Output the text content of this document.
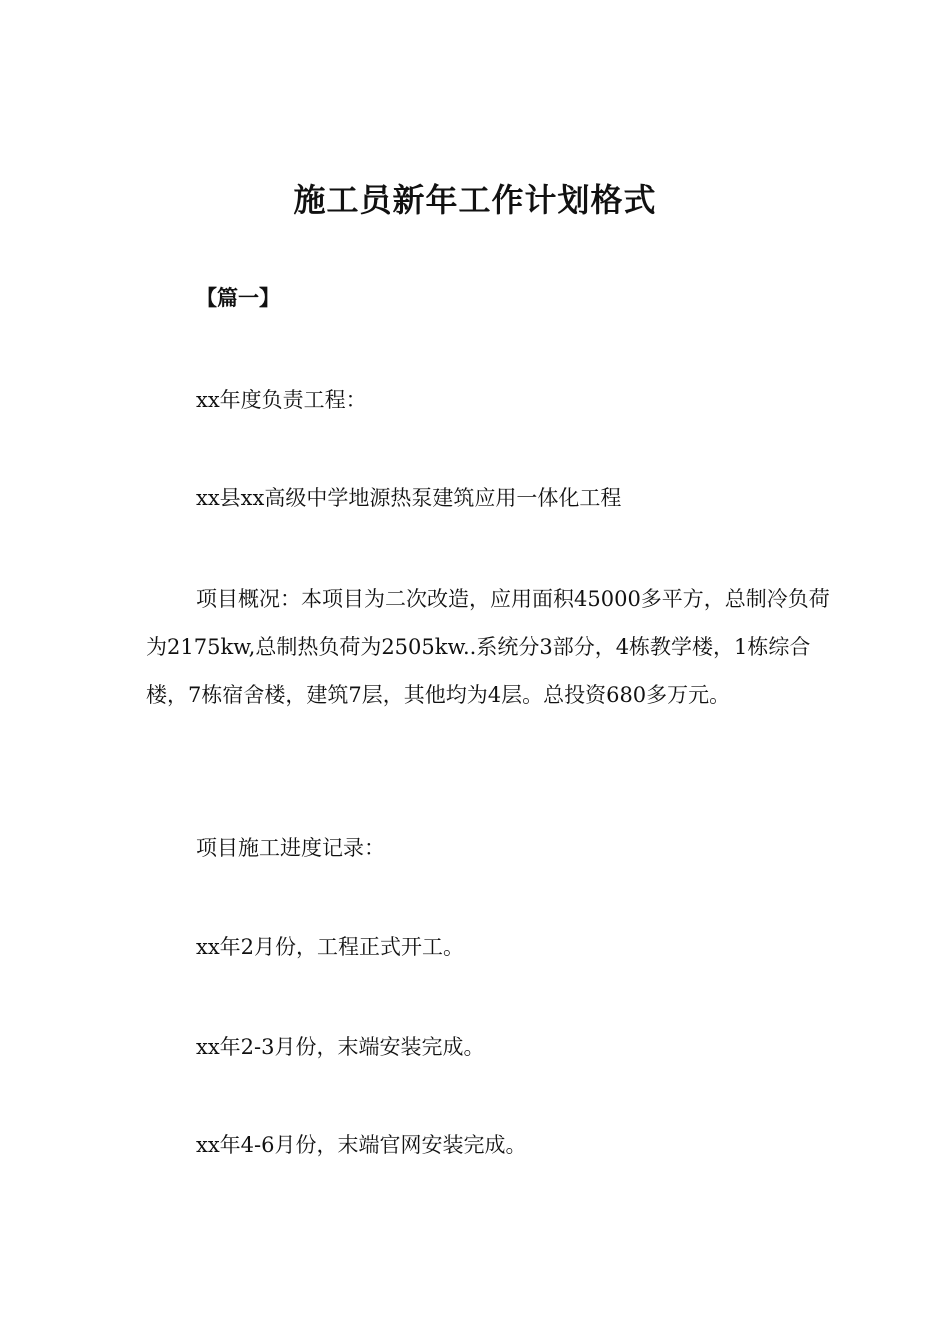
施工员新年工作计划格式
【篇一】

xx年度负责工程：

xx县xx高级中学地源热泵建筑应用一体化工程

项目概况：本项目为二次改造，应用面积45000多平方，总制冷负荷为2175kw,总制热负荷为2505kw..系统分3部分，4栋教学楼，1栋综合楼，7栋宿舍楼，建筑7层，其他均为4层。总投资680多万元。

项目施工进度记录：

xx年2月份，工程正式开工。

xx年2-3月份，末端安装完成。

xx年4-6月份，末端官网安装完成。
